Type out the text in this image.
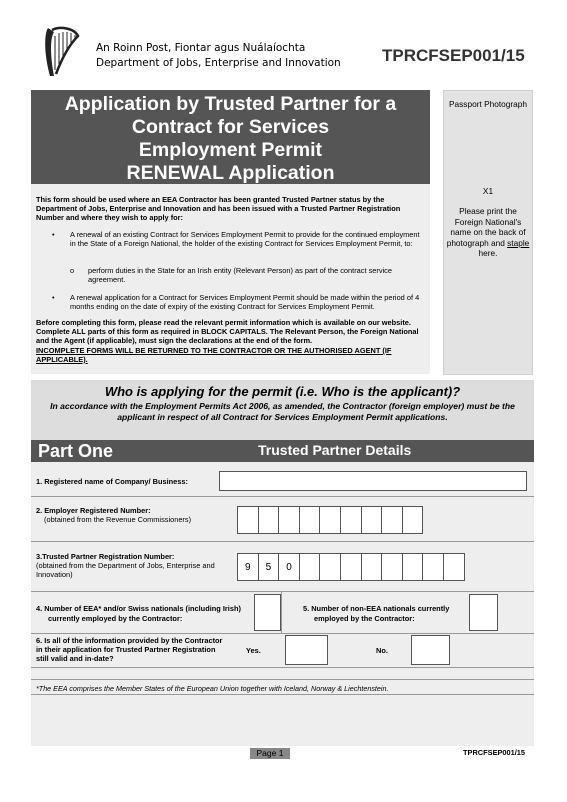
An Roinn Post, Fiontar agus Nuálaíochta
Department of Jobs, Enterprise and Innovation TPRCFSEP001/15
Application by Trusted Partner for a
Contract for Services
Employment Permit
RENEWAL Application
This form should be used where an EEA Contractor has been granted Trusted Partner status by the Department of Jobs, Enterprise and Innovation and has been issued with a Trusted Partner Registration Number and where they wish to apply for:
• A renewal of an existing Contract for Services Employment Permit to provide for the continued employment in the State of a Foreign National, the holder of the existing Contract for Services Employment Permit, to:
o perform duties in the State for an Irish entity (Relevant Person) as part of the contract service agreement.
• A renewal application for a Contract for Services Employment Permit should be made within the period of 4 months ending on the date of expiry of the existing Contract for Services Employment Permit.
Before completing this form, please read the relevant permit information which is available on our website. Complete ALL parts of this form as required in BLOCK CAPITALS. The Relevant Person, the Foreign National and the Agent (if applicable), must sign the declarations at the end of the form.
INCOMPLETE FORMS WILL BE RETURNED TO THE CONTRACTOR OR THE AUTHORISED AGENT (IF APPLICABLE).
Passport Photograph
X1
Please print the Foreign National's name on the back of photograph and staple here.
Who is applying for the permit (i.e. Who is the applicant)?
In accordance with the Employment Permits Act 2006, as amended, the Contractor (foreign employer) must be the applicant in respect of all Contract for Services Employment Permit applications.
Part One	Trusted Partner Details
1. Registered name of Company/ Business:
2. Employer Registered Number:
(obtained from the Revenue Commissioners)
3.Trusted Partner Registration Number:
(obtained from the Department of Jobs, Enterprise and Innovation)
9	5	0
4. Number of EEA* and/or Swiss nationals (including Irish)
currently employed by the Contractor:
5. Number of non-EEA nationals currently
employed by the Contractor:
6. Is all of the information provided by the Contractor
in their application for Trusted Partner Registration
still valid and in-date?
Yes.	No.
*The EEA comprises the Member States of the European Union together with Iceland, Norway & Liechtenstein.
Page 1	TPRCFSEP001/15
